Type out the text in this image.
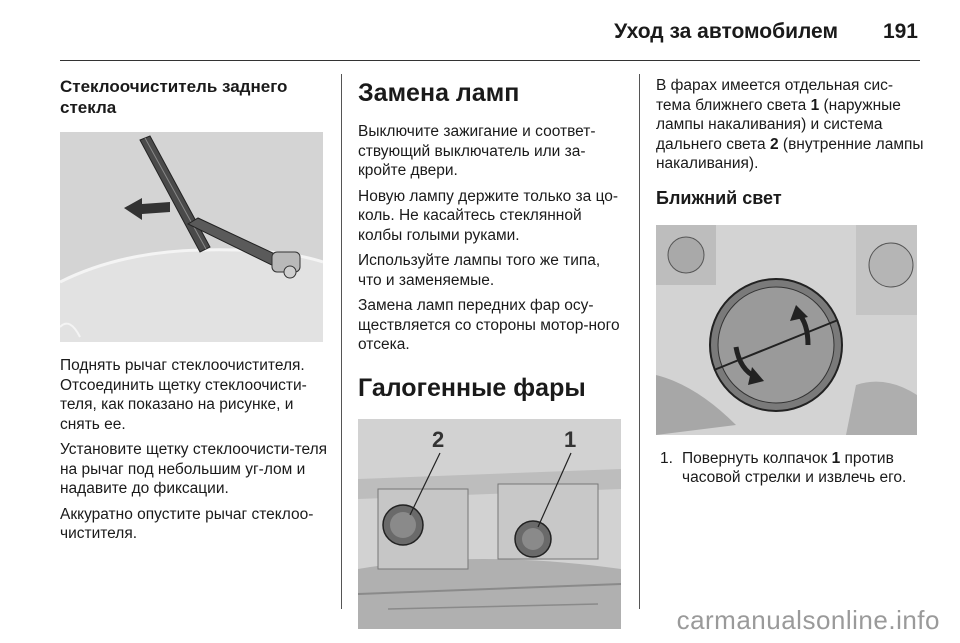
Уход за автомобилем 191
Стеклоочиститель заднего стекла

Поднять рычаг стеклоочистителя. Отсоединить щетку стеклоочисти-теля, как показано на рисунке, и снять ее.

Установите щетку стеклоочисти-теля на рычаг под небольшим уг-лом и надавите до фиксации.

Аккуратно опустите рычаг стеклоо-чистителя.

Замена ламп

Выключите зажигание и соответ-ствующий выключатель или за-кройте двери.

Новую лампу держите только за цо-коль. Не касайтесь стеклянной колбы голыми руками.

Используйте лампы того же типа, что и заменяемые.

Замена ламп передних фар осу-ществляется со стороны мотор-ного отсека.

Галогенные фары
2	1

В фарах имеется отдельная сис-тема ближнего света 1 (наружные лампы накаливания) и система дальнего света 2 (внутренние лампы накаливания).

Ближний свет

1. Повернуть колпачок 1 против часовой стрелки и извлечь его.

carmanualsonline.info
